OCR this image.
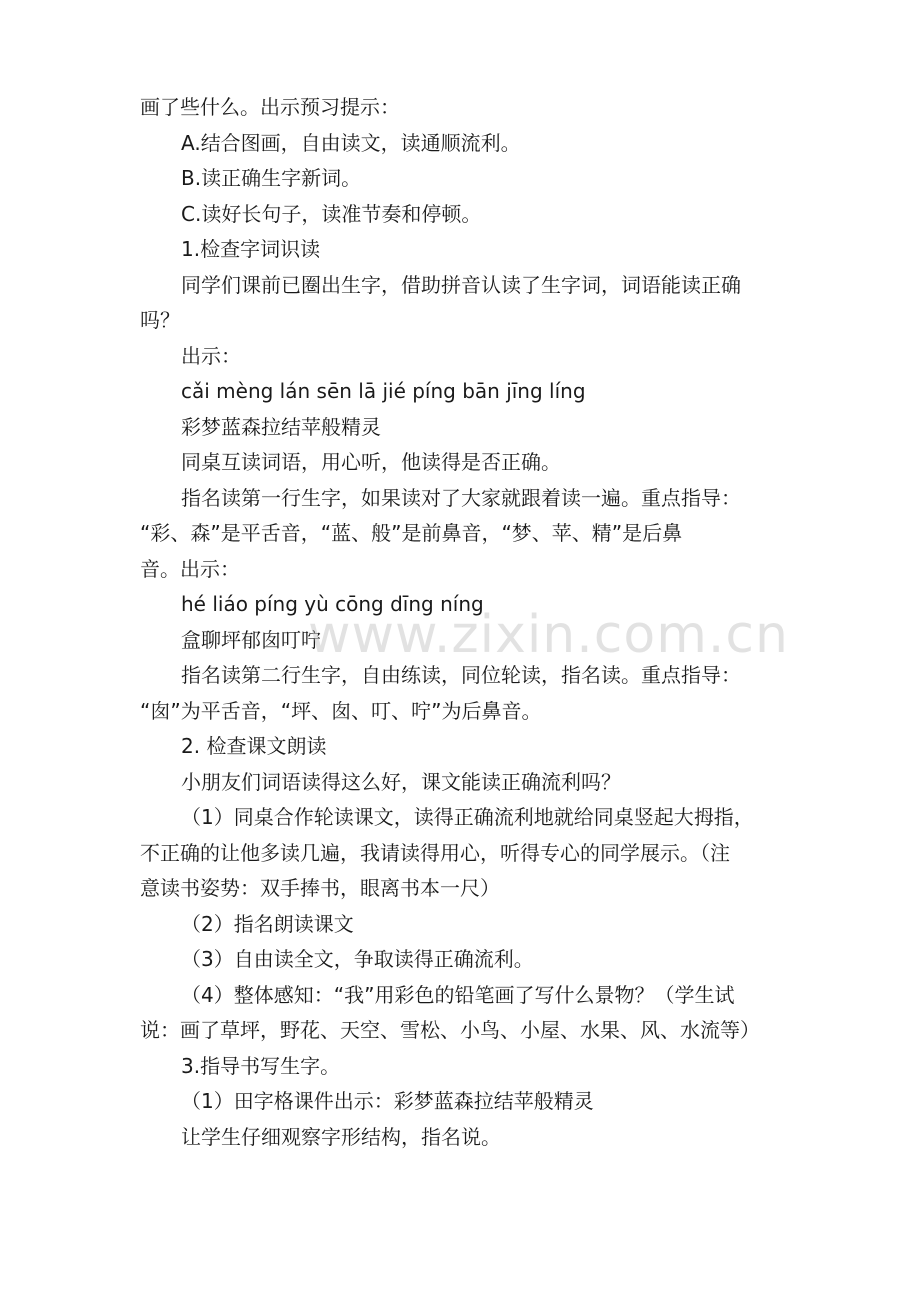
画了些什么。出示预习提示：
A.结合图画，自由读文，读通顺流利。
B.读正确生字新词。
C.读好长句子，读准节奏和停顿。
1.检查字词识读
同学们课前已圈出生字，借助拼音认读了生字词，词语能读正确
吗？
出示：
cǎi mèng lán sēn lā jié píng bān jīng líng
彩梦蓝森拉结苹般精灵
同桌互读词语，用心听，他读得是否正确。
指名读第一行生字，如果读对了大家就跟着读一遍。重点指导：
“彩、森”是平舌音，“蓝、般”是前鼻音，“梦、苹、精”是后鼻
音。出示：
hé liáo píng yù cōng dīng níng
盒聊坪郁囱叮咛
指名读第二行生字，自由练读，同位轮读，指名读。重点指导：
“囱”为平舌音，“坪、囱、叮、咛”为后鼻音。
2. 检查课文朗读
小朋友们词语读得这么好，课文能读正确流利吗？
（1）同桌合作轮读课文，读得正确流利地就给同桌竖起大拇指，
不正确的让他多读几遍，我请读得用心，听得专心的同学展示。（注
意读书姿势：双手捧书，眼离书本一尺）
（2）指名朗读课文
（3）自由读全文，争取读得正确流利。
（4）整体感知：“我”用彩色的铅笔画了写什么景物？（学生试
说：画了草坪，野花、天空、雪松、小鸟、小屋、水果、风、水流等）
3.指导书写生字。
（1）田字格课件出示：彩梦蓝森拉结苹般精灵
让学生仔细观察字形结构，指名说。
www.zixin.com.cn
